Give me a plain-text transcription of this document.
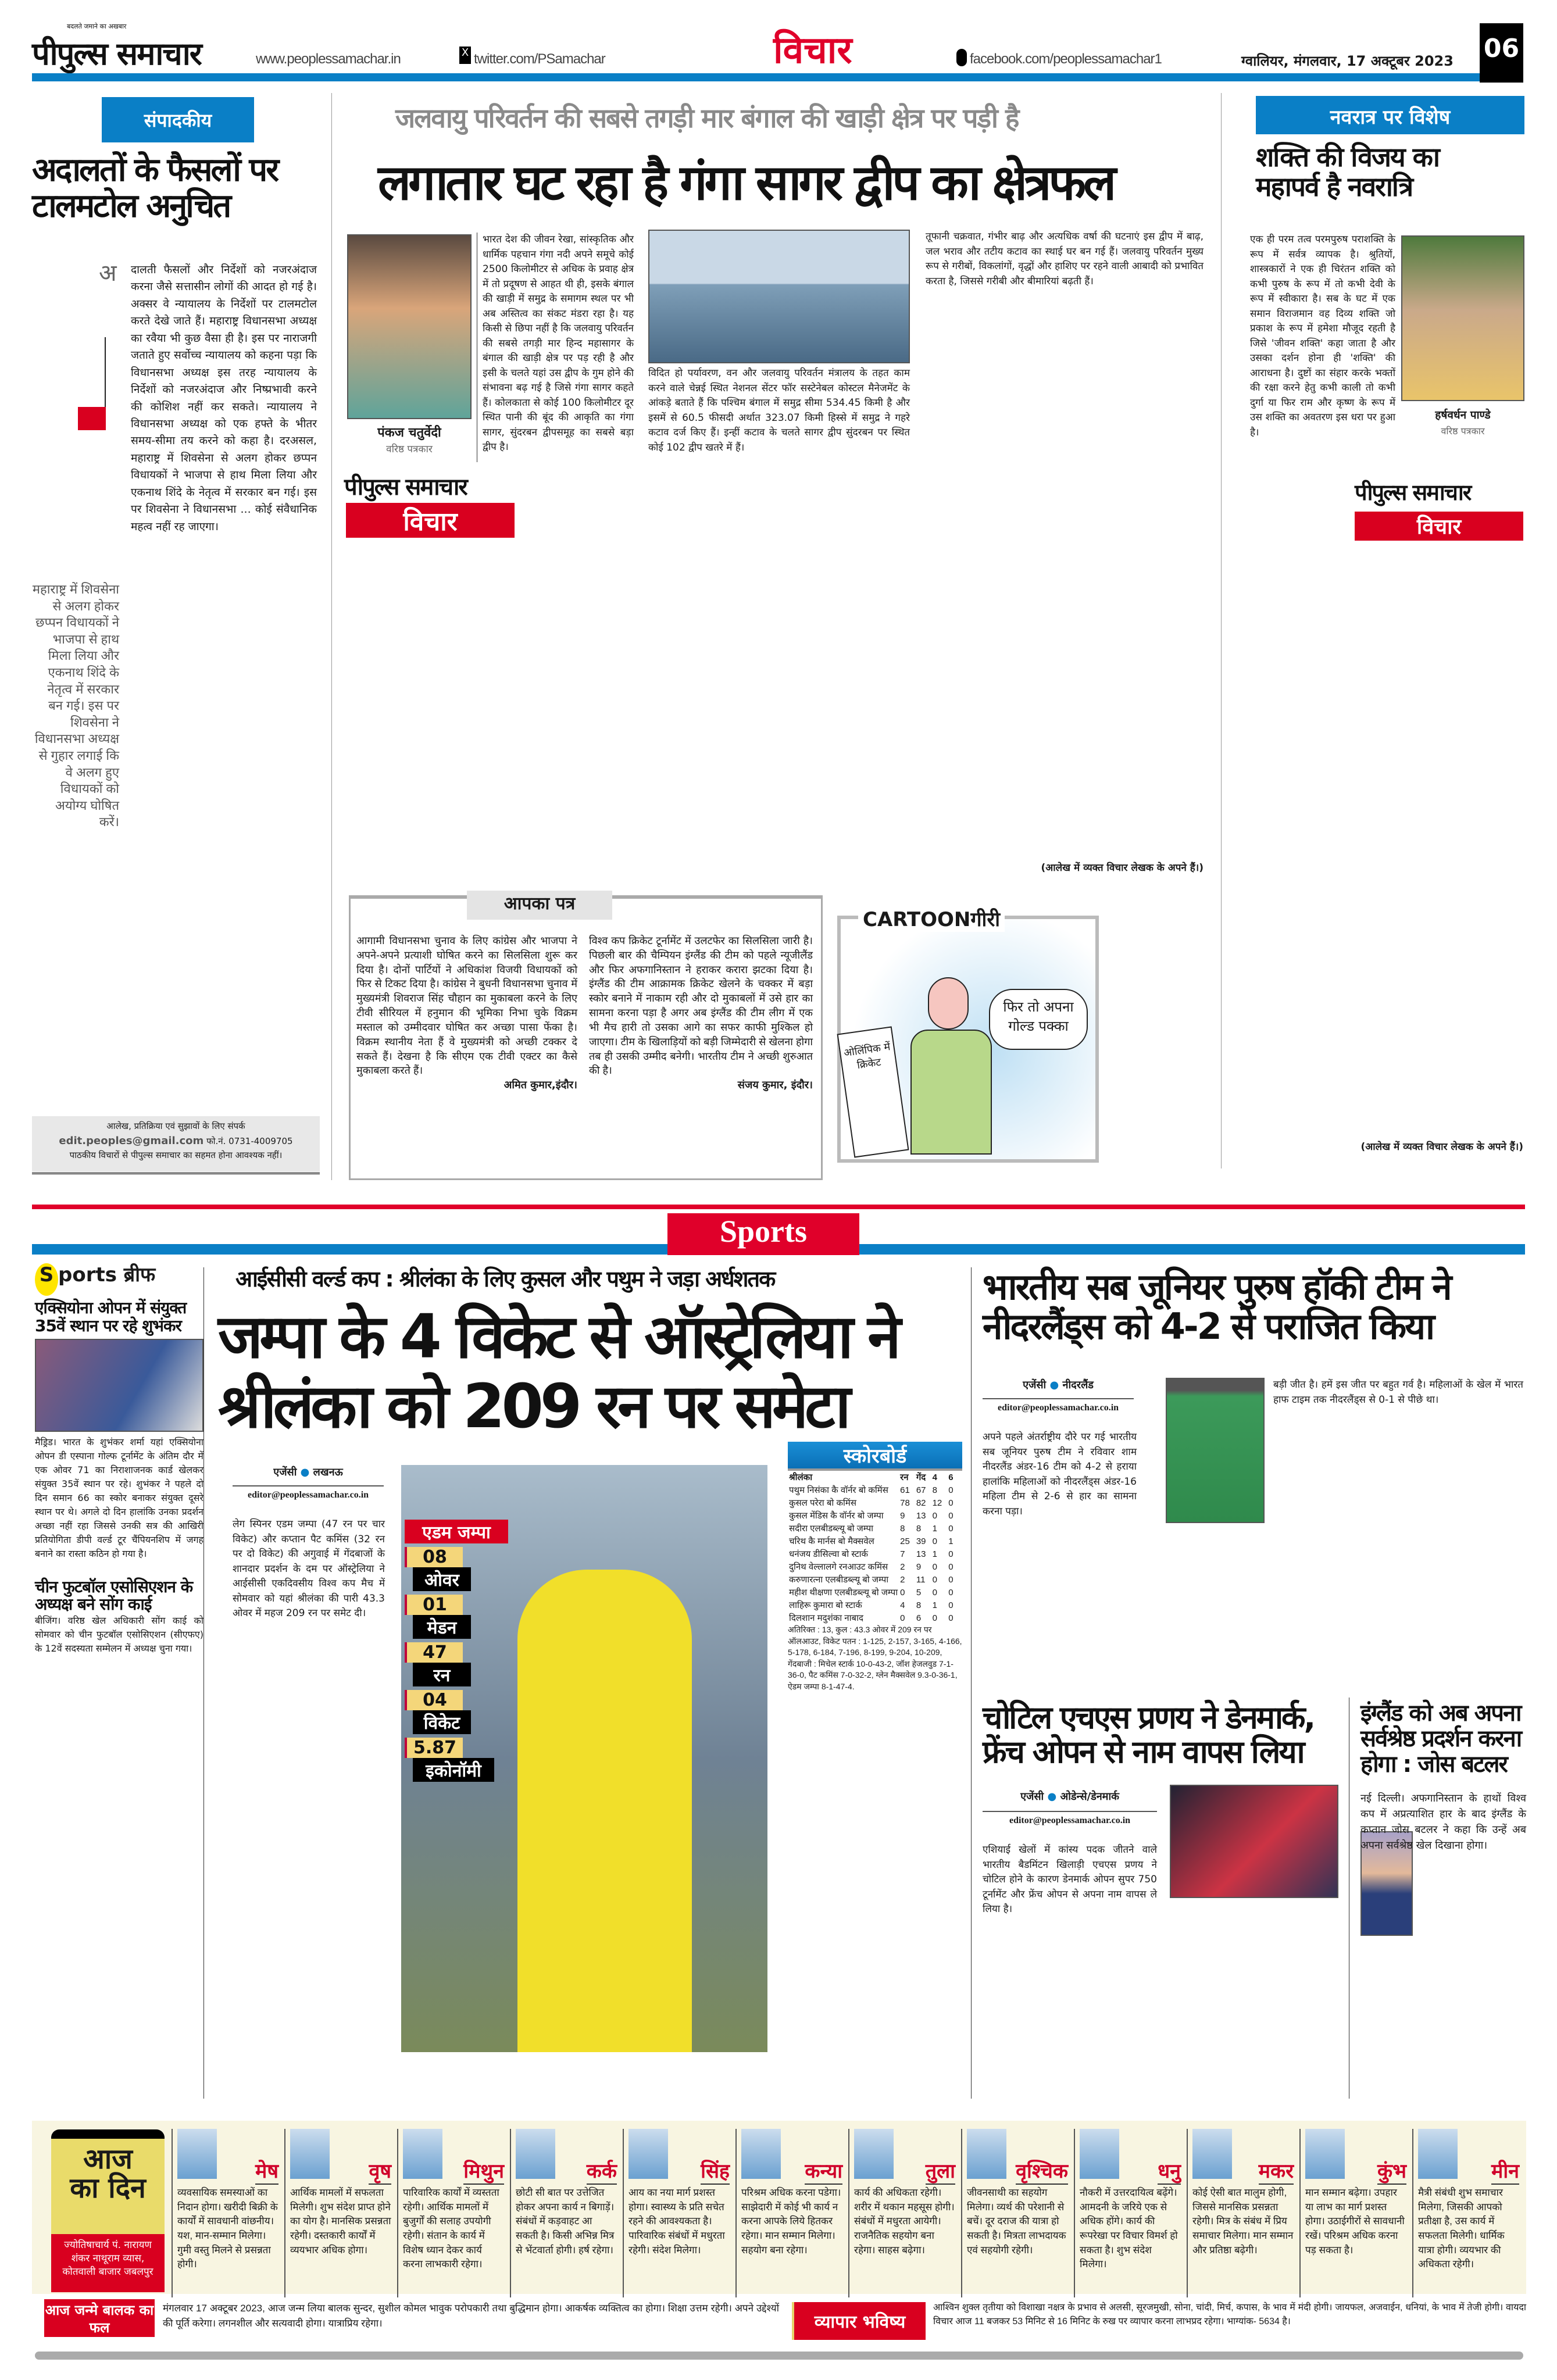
बदलते जमाने का अखबार
पीपुल्स समाचार	www.peoplessamachar.in	X twitter.com/PSamachar	विचार	facebook.com/peoplessamachar1	ग्वालियर, मंगलवार, 17 अक्टूबर 2023 06
संपादकीय
अदालतों के फैसलों पर टालमटोल अनुचित
अ
महाराष्ट्र में शिवसेना से अलग होकर छप्पन विधायकों ने भाजपा से हाथ मिला लिया और एकनाथ शिंदे के नेतृत्व में सरकार बन गई। इस पर शिवसेना ने विधानसभा अध्यक्ष से गुहार लगाई कि वे अलग हुए विधायकों को अयोग्य घोषित करें।
दालती फैसलों और निर्देशों को नजरअंदाज करना जैसे सत्तासीन लोगों की आदत हो गई है। अक्सर वे न्यायालय के निर्देशों पर टालमटोल करते देखे जाते हैं। महाराष्ट्र विधानसभा अध्यक्ष का रवैया भी कुछ वैसा ही है। इस पर नाराजगी जताते हुए सर्वोच्च न्यायालय को कहना पड़ा कि विधानसभा अध्यक्ष इस तरह न्यायालय के निर्देशों को नजरअंदाज और निष्प्रभावी करने की कोशिश नहीं कर सकते। न्यायालय ने विधानसभा अध्यक्ष को एक हफ्ते के भीतर समय-सीमा तय करने को कहा है। दरअसल, महाराष्ट्र में शिवसेना से अलग होकर छप्पन विधायकों ने भाजपा से हाथ मिला लिया और एकनाथ शिंदे के नेतृत्व में सरकार बन गई। इस पर शिवसेना ने विधानसभा ... कोई संवैधानिक महत्व नहीं रह जाएगा।
आलेख, प्रतिक्रिया एवं सुझावों के लिए संपर्क
edit.peoples@gmail.com फो.नं. 0731-4009705
पाठकीय विचारों से पीपुल्स समाचार का सहमत होना आवश्यक नहीं।
जलवायु परिवर्तन की सबसे तगड़ी मार बंगाल की खाड़ी क्षेत्र पर पड़ी है
लगातार घट रहा है गंगा सागर द्वीप का क्षेत्रफल
पंकज चतुर्वेदी
वरिष्ठ पत्रकार
पीपुल्स समाचार
विचार
भारत देश की जीवन रेखा, सांस्कृतिक और धार्मिक पहचान गंगा नदी अपने समूचे कोई 2500 किलोमीटर से अधिक के प्रवाह क्षेत्र में तो प्रदूषण से आहत थी ही, इसके बंगाल की खाड़ी में समुद्र के समागम स्थल पर भी अब अस्तित्व का संकट मंडरा रहा है। यह किसी से छिपा नहीं है कि जलवायु परिवर्तन की सबसे तगड़ी मार हिन्द महासागर के बंगाल की खाड़ी क्षेत्र पर पड़ रही है और इसी के चलते यहां उस द्वीप के गुम होने की संभावना बढ़ गई है जिसे गंगा सागर कहते हैं। कोलकाता से कोई 100 किलोमीटर दूर स्थित पानी की बूंद की आकृति का गंगा सागर, सुंदरबन द्वीपसमूह का सबसे बड़ा द्वीप है।
विदित हो पर्यावरण, वन और जलवायु परिवर्तन मंत्रालय के तहत काम करने वाले चेन्नई स्थित नेशनल सेंटर फॉर सस्टेनेबल कोस्टल मैनेजमेंट के आंकड़े बताते हैं कि पश्चिम बंगाल में समुद्र सीमा 534.45 किमी है और इसमें से 60.5 फीसदी अर्थात 323.07 किमी हिस्से में समुद्र ने गहरे कटाव दर्ज किए हैं। इन्हीं कटाव के चलते सागर द्वीप सुंदरबन पर स्थित कोई 102 द्वीप खतरे में हैं।
तूफानी चक्रवात, गंभीर बाढ़ और अत्यधिक वर्षा की घटनाएं इस द्वीप में बाढ़, जल भराव और तटीय कटाव का स्थाई घर बन गई हैं। जलवायु परिवर्तन मुख्य रूप से गरीबों, विकलांगों, वृद्धों और हाशिए पर रहने वाली आबादी को प्रभावित करता है, जिससे गरीबी और बीमारियां बढ़ती हैं।
(आलेख में व्यक्त विचार लेखक के अपने हैं।)
आपका पत्र
आगामी विधानसभा चुनाव के लिए कांग्रेस और भाजपा ने अपने-अपने प्रत्याशी घोषित करने का सिलसिला शुरू कर दिया है। दोनों पार्टियों ने अधिकांश विजयी विधायकों को फिर से टिकट दिया है। कांग्रेस ने बुधनी विधानसभा चुनाव में मुख्यमंत्री शिवराज सिंह चौहान का मुकाबला करने के लिए टीवी सीरियल में हनुमान की भूमिका निभा चुके विक्रम मस्ताल को उम्मीदवार घोषित कर अच्छा पासा फेंका है। विक्रम स्थानीय नेता हैं वे मुख्यमंत्री को अच्छी टक्कर दे सकते हैं। देखना है कि सीएम एक टीवी एक्टर का कैसे मुकाबला करते हैं।
अमित कुमार,इंदौर।
विश्व कप क्रिकेट टूर्नामेंट में उलटफेर का सिलसिला जारी है। पिछली बार की चैम्पियन इंग्लैंड की टीम को पहले न्यूजीलैंड और फिर अफगानिस्तान ने हराकर करारा झटका दिया है। इंग्लैंड की टीम आक्रामक क्रिकेट खेलने के चक्कर में बड़ा स्कोर बनाने में नाकाम रही और दो मुकाबलों में उसे हार का सामना करना पड़ा है अगर अब इंग्लैंड की टीम लीग में एक भी मैच हारी तो उसका आगे का सफर काफी मुश्किल हो जाएगा। टीम के खिलाड़ियों को बड़ी जिम्मेदारी से खेलना होगा तब ही उसकी उम्मीद बनेगी। भारतीय टीम ने अच्छी शुरुआत की है।
संजय कुमार, इंदौर।
CARTOONगीरी
ओलिंपिक में क्रिकेट
फिर तो अपना गोल्ड पक्का
नवरात्र पर विशेष
शक्ति की विजय का महापर्व है नवरात्रि
हर्षवर्धन पाण्डे
वरिष्ठ पत्रकार
पीपुल्स समाचार
विचार
एक ही परम तत्व परमपुरुष पराशक्ति के रूप में सर्वत्र व्यापक है। श्रुतियों, शास्त्रकारों ने एक ही चिरंतन शक्ति को कभी पुरुष के रूप में तो कभी देवी के रूप में स्वीकारा है। सब के घट में एक समान विराजमान वह दिव्य शक्ति जो प्रकाश के रूप में हमेशा मौजूद रहती है जिसे 'जीवन शक्ति' कहा जाता है और उसका दर्शन होना ही 'शक्ति' की आराधना है। दुष्टों का संहार करके भक्तों की रक्षा करने हेतु कभी काली तो कभी दुर्गा या फिर राम और कृष्ण के रूप में उस शक्ति का अवतरण इस धरा पर हुआ है।
(आलेख में व्यक्त विचार लेखक के अपने हैं।)
Sports
S ports ब्रीफ
एक्सियोना ओपन में संयुक्त 35वें स्थान पर रहे शुभंकर
मैड्रिड। भारत के शुभंकर शर्मा यहां एक्सियोना ओपन डी एस्पाना गोल्फ टूर्नामेंट के अंतिम दौर में एक ओवर 71 का निराशाजनक कार्ड खेलकर संयुक्त 35वें स्थान पर रहे। शुभंकर ने पहले दो दिन समान 66 का स्कोर बनाकर संयुक्त दूसरे स्थान पर थे। अगले दो दिन हालांकि उनका प्रदर्शन अच्छा नहीं रहा जिससे उनकी सत्र की आखिरी प्रतियोगिता डीपी वर्ल्ड टूर चैंपियनशिप में जगह बनाने का रास्ता कठिन हो गया है।
चीन फुटबॉल एसोसिएशन के अध्यक्ष बने सोंग काई
बीजिंग। वरिष्ठ खेल अधिकारी सोंग काई को सोमवार को चीन फुटबॉल एसोसिएशन (सीएफए) के 12वें सदस्यता सम्मेलन में अध्यक्ष चुना गया।
आईसीसी वर्ल्ड कप : श्रीलंका के लिए कुसल और पथुम ने जड़ा अर्धशतक
जम्पा के 4 विकेट से ऑस्ट्रेलिया ने श्रीलंका को 209 रन पर समेटा
एजेंसी ● लखनऊ
editor@peoplessamachar.co.in
लेग स्पिनर एडम जम्पा (47 रन पर चार विकेट) और कप्तान पैट कमिंस (32 रन पर दो विकेट) की अगुवाई में गेंदबाजों के शानदार प्रदर्शन के दम पर ऑस्ट्रेलिया ने आईसीसी एकदिवसीय विश्व कप मैच में सोमवार को यहां श्रीलंका की पारी 43.3 ओवर में महज 209 रन पर समेट दी।
एडम जम्पा
08
ओवर
01
मेडन
47
रन
04
विकेट
5.87
इकोनॉमी
स्कोरबोर्ड
श्रीलंका	रन	गेंद	4	6
पथुम निसंका कै वॉर्नर बो कमिंस	61	67	8	0
कुसल परेरा बो कमिंस	78	82	12	0
कुसल मेंडिस कै वॉर्नर बो जम्पा	9	13	0	0
सदीरा एलबीडब्ल्यू बो जम्पा	8	8	1	0
चरिथ कै मार्नस बो मैक्सवेल	25	39	0	1
धनंजय डीसिल्वा बो स्टार्क	7	13	1	0
दुनिथ वेल्लालगे रनआउट कमिंस	2	9	0	0
करुणारत्ना एलबीडब्ल्यू बो जम्पा	2	11	0	0
महीश थीक्षणा एलबीडब्ल्यू बो जम्पा	0	5	0	0
लाहिरू कुमारा बो स्टार्क	4	8	1	0
दिलशान मदुशंका नाबाद	0	6	0	0
अतिरिक्त : 13, कुल : 43.3 ओवर में 209 रन पर ऑलआउट, विकेट पतन : 1-125, 2-157, 3-165, 4-166, 5-178, 6-184, 7-196, 8-199, 9-204, 10-209, गेंदबाजी : मिचेल स्टार्क 10-0-43-2, जॉश हेजलवुड 7-1-36-0, पैट कमिंस 7-0-32-2, ग्लेन मैक्सवेल 9.3-0-36-1, ऐडम जम्पा 8-1-47-4.
भारतीय सब जूनियर पुरुष हॉकी टीम ने नीदरलैंड्स को 4-2 से पराजित किया
एजेंसी ● नीदरलैंड
editor@peoplessamachar.co.in
अपने पहले अंतर्राष्ट्रीय दौरे पर गई भारतीय सब जूनियर पुरुष टीम ने रविवार शाम नीदरलैंड अंडर-16 टीम को 4-2 से हराया हालांकि महिलाओं को नीदरलैंड्स अंडर-16 महिला टीम से 2-6 से हार का सामना करना पड़ा।
बड़ी जीत है। हमें इस जीत पर बहुत गर्व है। महिलाओं के खेल में भारत हाफ टाइम तक नीदरलैंड्स से 0-1 से पीछे था।
चोटिल एचएस प्रणय ने डेनमार्क, फ्रेंच ओपन से नाम वापस लिया
एजेंसी ● ओडेन्से/डेनमार्क
editor@peoplessamachar.co.in
एशियाई खेलों में कांस्य पदक जीतने वाले भारतीय बैडमिंटन खिलाड़ी एचएस प्रणय ने चोटिल होने के कारण डेनमार्क ओपन सुपर 750 टूर्नामेंट और फ्रेंच ओपन से अपना नाम वापस ले लिया है।
इंग्लैंड को अब अपना सर्वश्रेष्ठ प्रदर्शन करना होगा : जोस बटलर
नई दिल्ली। अफगानिस्तान के हाथों विश्व कप में अप्रत्याशित हार के बाद इंग्लैंड के कप्तान जोस बटलर ने कहा कि उन्हें अब अपना सर्वश्रेष्ठ खेल दिखाना होगा।
आज का दिन
ज्योतिषाचार्य पं. नारायण शंकर नाथूराम व्यास, कोतवाली बाजार जबलपुर
मेष
व्यवसायिक समस्याओं का निदान होगा। खरीदी बिक्री के कार्यों में सावधानी वांछनीय। यश, मान-सम्मान मिलेगा। गुमी वस्तु मिलने से प्रसन्नता होगी।
वृष
आर्थिक मामलों में सफलता मिलेगी। शुभ संदेश प्राप्त होने का योग है। मानसिक प्रसन्नता रहेगी। दस्तकारी कार्यों में व्ययभार अधिक होगा।
मिथुन
पारिवारिक कार्यों में व्यस्तता रहेगी। आर्थिक मामलों में बुजुर्गों की सलाह उपयोगी रहेगी। संतान के कार्य में विशेष ध्यान देकर कार्य करना लाभकारी रहेगा।
कर्क
छोटी सी बात पर उत्तेजित होकर अपना कार्य न बिगाड़ें। संबंधों में कड़वाहट आ सकती है। किसी अभिन्न मित्र से भेंटवार्ता होगी। हर्ष रहेगा।
सिंह
आय का नया मार्ग प्रशस्त होगा। स्वास्थ्य के प्रति सचेत रहने की आवश्यकता है। पारिवारिक संबंधों में मधुरता रहेगी। संदेश मिलेगा।
कन्या
परिश्रम अधिक करना पडेगा। साझेदारी में कोई भी कार्य न करना आपके लिये हितकर रहेगा। मान सम्मान मिलेगा। सहयोग बना रहेगा।
तुला
कार्य की अधिकता रहेगी। शरीर में थकान महसूस होगी। संबंधों में मधुरता आयेगी। राजनैतिक सहयोग बना रहेगा। साहस बढ़ेगा।
वृश्चिक
जीवनसाथी का सहयोग मिलेगा। व्यर्थ की परेशानी से बचें। दूर दराज की यात्रा हो सकती है। मित्रता लाभदायक एवं सहयोगी रहेगी।
धनु
नौकरी में उत्तरदायित्व बढ़ेंगे। आमदनी के जरिये एक से अधिक होंगे। कार्य की रूपरेखा पर विचार विमर्श हो सकता है। शुभ संदेश मिलेगा।
मकर
कोई ऐसी बात मालुम होगी, जिससे मानसिक प्रसन्नता रहेगी। मित्र के संबंध में प्रिय समाचार मिलेगा। मान सम्मान और प्रतिष्ठा बढ़ेगी।
कुंभ
मान सम्मान बढ़ेगा। उपहार या लाभ का मार्ग प्रशस्त होगा। उठाईगीरों से सावधानी रखें। परिश्रम अधिक करना पड़ सकता है।
मीन
मैत्री संबंधी शुभ समाचार मिलेगा, जिसकी आपको प्रतीक्षा है, उस कार्य में सफलता मिलेगी। धार्मिक यात्रा होगी। व्ययभार की अधिकता रहेगी।
आज जन्मे बालक का फल
मंगलवार 17 अक्टूबर 2023, आज जन्म लिया बालक सुन्दर, सुशील कोमल भावुक परोपकारी तथा बुद्धिमान होगा। आकर्षक व्यक्तित्व का होगा। शिक्षा उत्तम रहेगी। अपने उद्देश्यों की पूर्ति करेगा। लगनशील और सत्यवादी होगा। यात्राप्रिय रहेगा।	व्यापार भविष्य
आश्विन शुक्ल तृतीया को विशाखा नक्षत्र के प्रभाव से अलसी, सूरजमुखी, सोना, चांदी, मिर्च, कपास, के भाव में मंदी होगी। जायफल, अजवाईन, धनियां, के भाव में तेजी होगी। वायदा विचार आज 11 बजकर 53 मिनिट से 16 मिनिट के रुख पर व्यापार करना लाभप्रद रहेगा। भाग्यांक- 5634 है।
